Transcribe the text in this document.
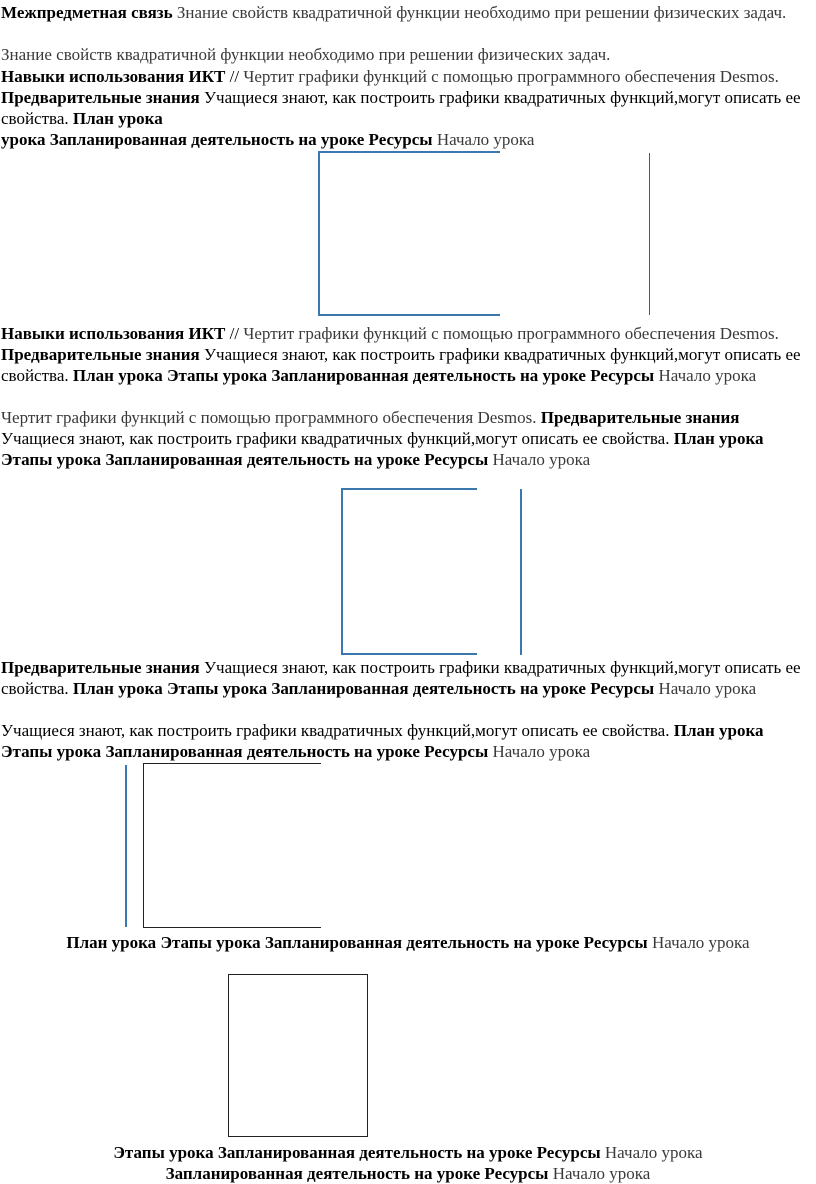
Межпредметная связь Знание свойств квадратичной функции необходимо при решении физических задач.

Знание свойств квадратичной функции необходимо при решении физических задач.

Навыки использования ИКТ // Чертит графики функций с помощью программного обеспечения Desmos. Предварительные знания Учащиеся знают, как построить графики квадратичных функций,могут описать ее свойства. План урока
урока Запланированная деятельность на уроке Ресурсы Начало урока

Навыки использования ИКТ // Чертит графики функций с помощью программного обеспечения Desmos. Предварительные знания Учащиеся знают, как построить графики квадратичных функций,могут описать ее свойства. План урока Этапы урока Запланированная деятельность на уроке Ресурсы Начало урока

Чертит графики функций с помощью программного обеспечения Desmos. Предварительные знания Учащиеся знают, как построить графики квадратичных функций,могут описать ее свойства. План урока Этапы урока Запланированная деятельность на уроке Ресурсы Начало урока

Предварительные знания Учащиеся знают, как построить графики квадратичных функций,могут описать ее свойства. План урока Этапы урока Запланированная деятельность на уроке Ресурсы Начало урока

Учащиеся знают, как построить графики квадратичных функций,могут описать ее свойства. План урока Этапы урока Запланированная деятельность на уроке Ресурсы Начало урока

План урока Этапы урока Запланированная деятельность на уроке Ресурсы Начало урока

Этапы урока Запланированная деятельность на уроке Ресурсы Начало урока

Запланированная деятельность на уроке Ресурсы Начало урока
